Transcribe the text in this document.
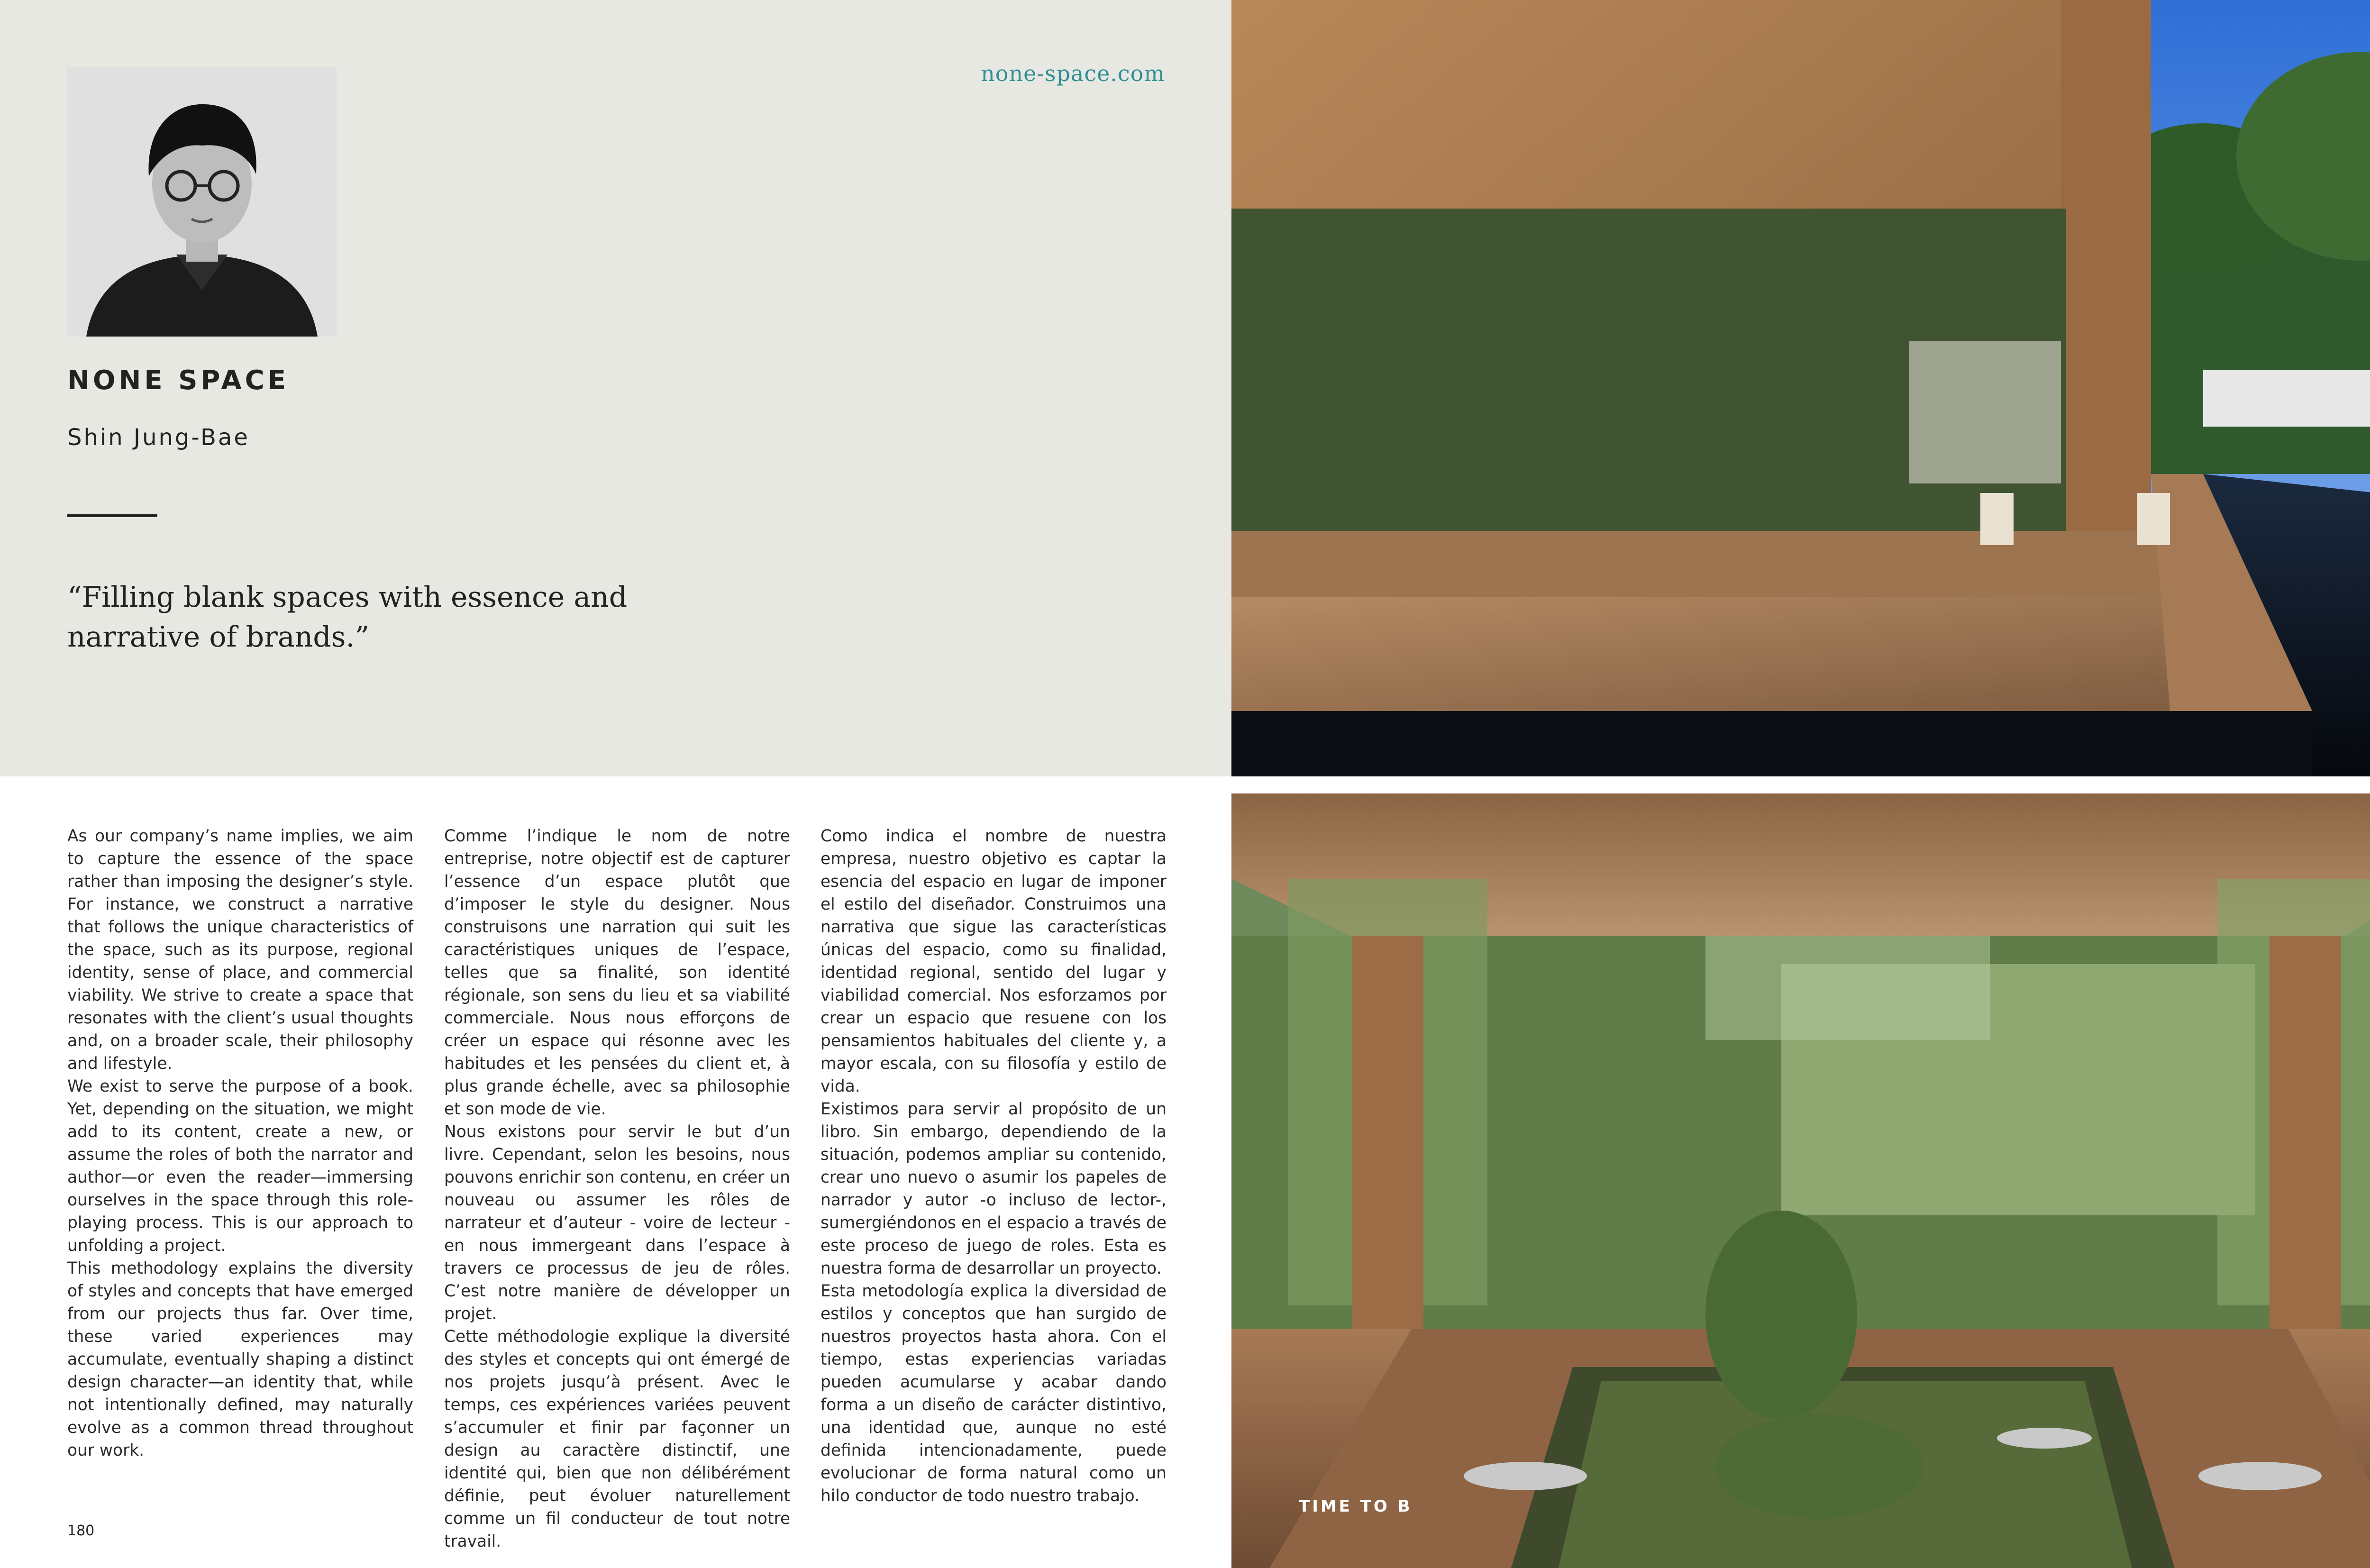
none-space.com
NONE SPACE
Shin Jung-Bae
“Filling blank spaces with essence and narrative of brands.”

As our company’s name implies, we aim to capture the essence of the space rather than imposing the designer’s style. For instance, we construct a narrative that follows the unique characteristics of the space, such as its purpose, regional identity, sense of place, and commercial viability. We strive to create a space that resonates with the client’s usual thoughts and, on a broader scale, their philosophy and lifestyle.

We exist to serve the purpose of a book. Yet, depending on the situation, we might add to its content, create a new, or assume the roles of both the narrator and author—or even the reader—immersing ourselves in the space through this role-playing process. This is our approach to unfolding a project.

This methodology explains the diversity of styles and concepts that have emerged from our projects thus far. Over time, these varied experiences may accumulate, eventually shaping a distinct design character—an identity that, while not intentionally defined, may naturally evolve as a common thread throughout our work.

Comme l’indique le nom de notre entreprise, notre objectif est de capturer l’essence d’un espace plutôt que d’imposer le style du designer. Nous construisons une narration qui suit les caractéristiques uniques de l’espace, telles que sa finalité, son identité régionale, son sens du lieu et sa viabilité commerciale. Nous nous efforçons de créer un espace qui résonne avec les habitudes et les pensées du client et, à plus grande échelle, avec sa philosophie et son mode de vie.

Nous existons pour servir le but d’un livre. Cependant, selon les besoins, nous pouvons enrichir son contenu, en créer un nouveau ou assumer les rôles de narrateur et d’auteur - voire de lecteur - en nous immergeant dans l’espace à travers ce processus de jeu de rôles. C’est notre manière de développer un projet.

Cette méthodologie explique la diversité des styles et concepts qui ont émergé de nos projets jusqu’à présent. Avec le temps, ces expériences variées peuvent s’accumuler et finir par façonner un design au caractère distinctif, une identité qui, bien que non délibérément définie, peut évoluer naturellement comme un fil conducteur de tout notre travail.

Como indica el nombre de nuestra empresa, nuestro objetivo es captar la esencia del espacio en lugar de imponer el estilo del diseñador. Construimos una narrativa que sigue las características únicas del espacio, como su finalidad, identidad regional, sentido del lugar y viabilidad comercial. Nos esforzamos por crear un espacio que resuene con los pensamientos habituales del cliente y, a mayor escala, con su filosofía y estilo de vida.

Existimos para servir al propósito de un libro. Sin embargo, dependiendo de la situación, podemos ampliar su contenido, crear uno nuevo o asumir los papeles de narrador y autor -o incluso de lector-, sumergiéndonos en el espacio a través de este proceso de juego de roles. Esta es nuestra forma de desarrollar un proyecto.

Esta metodología explica la diversidad de estilos y conceptos que han surgido de nuestros proyectos hasta ahora. Con el tiempo, estas experiencias variadas pueden acumularse y acabar dando forma a un diseño de carácter distintivo, una identidad que, aunque no esté definida intencionadamente, puede evolucionar de forma natural como un hilo conductor de todo nuestro trabajo.

180
TIME TO B
